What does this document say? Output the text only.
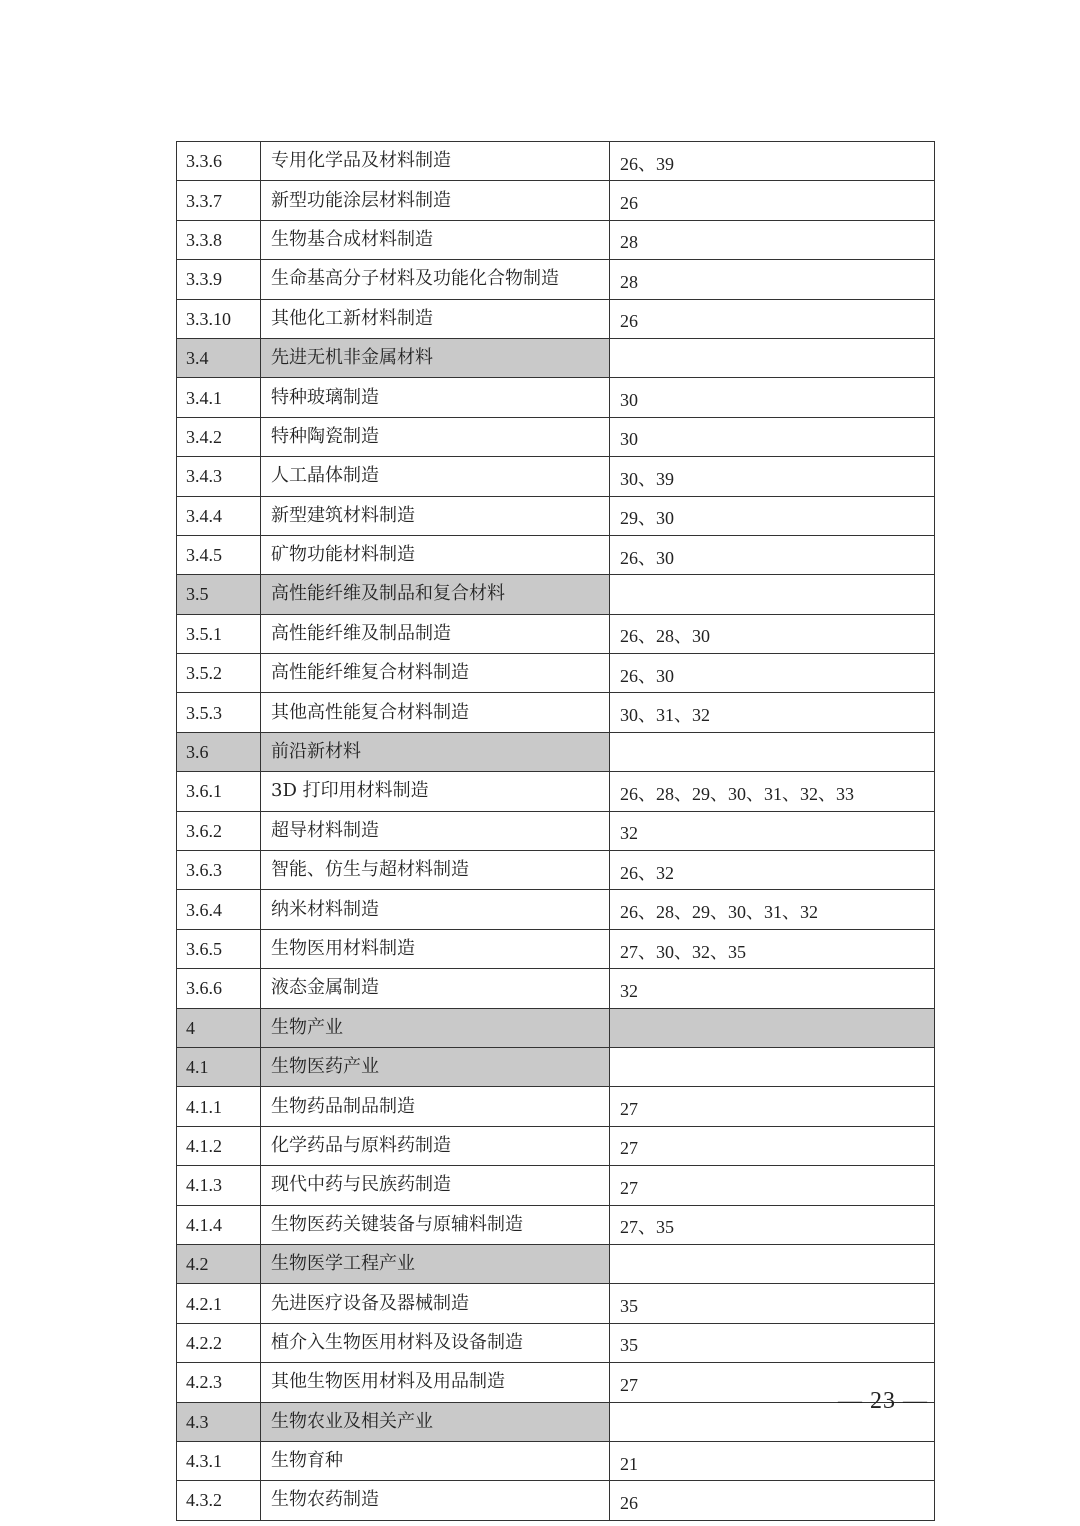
3.3.6	专用化学品及材料制造	26、39
3.3.7	新型功能涂层材料制造	26
3.3.8	生物基合成材料制造	28
3.3.9	生命基高分子材料及功能化合物制造	28
3.3.10	其他化工新材料制造	26
3.4	先进无机非金属材料	
3.4.1	特种玻璃制造	30
3.4.2	特种陶瓷制造	30
3.4.3	人工晶体制造	30、39
3.4.4	新型建筑材料制造	29、30
3.4.5	矿物功能材料制造	26、30
3.5	高性能纤维及制品和复合材料	
3.5.1	高性能纤维及制品制造	26、28、30
3.5.2	高性能纤维复合材料制造	26、30
3.5.3	其他高性能复合材料制造	30、31、32
3.6	前沿新材料	
3.6.1	3D 打印用材料制造	26、28、29、30、31、32、33
3.6.2	超导材料制造	32
3.6.3	智能、仿生与超材料制造	26、32
3.6.4	纳米材料制造	26、28、29、30、31、32
3.6.5	生物医用材料制造	27、30、32、35
3.6.6	液态金属制造	32
4	生物产业	
4.1	生物医药产业	
4.1.1	生物药品制品制造	27
4.1.2	化学药品与原料药制造	27
4.1.3	现代中药与民族药制造	27
4.1.4	生物医药关键装备与原辅料制造	27、35
4.2	生物医学工程产业	
4.2.1	先进医疗设备及器械制造	35
4.2.2	植介入生物医用材料及设备制造	35
4.2.3	其他生物医用材料及用品制造	27
4.3	生物农业及相关产业	
4.3.1	生物育种	21
4.3.2	生物农药制造	26
— 23 —
